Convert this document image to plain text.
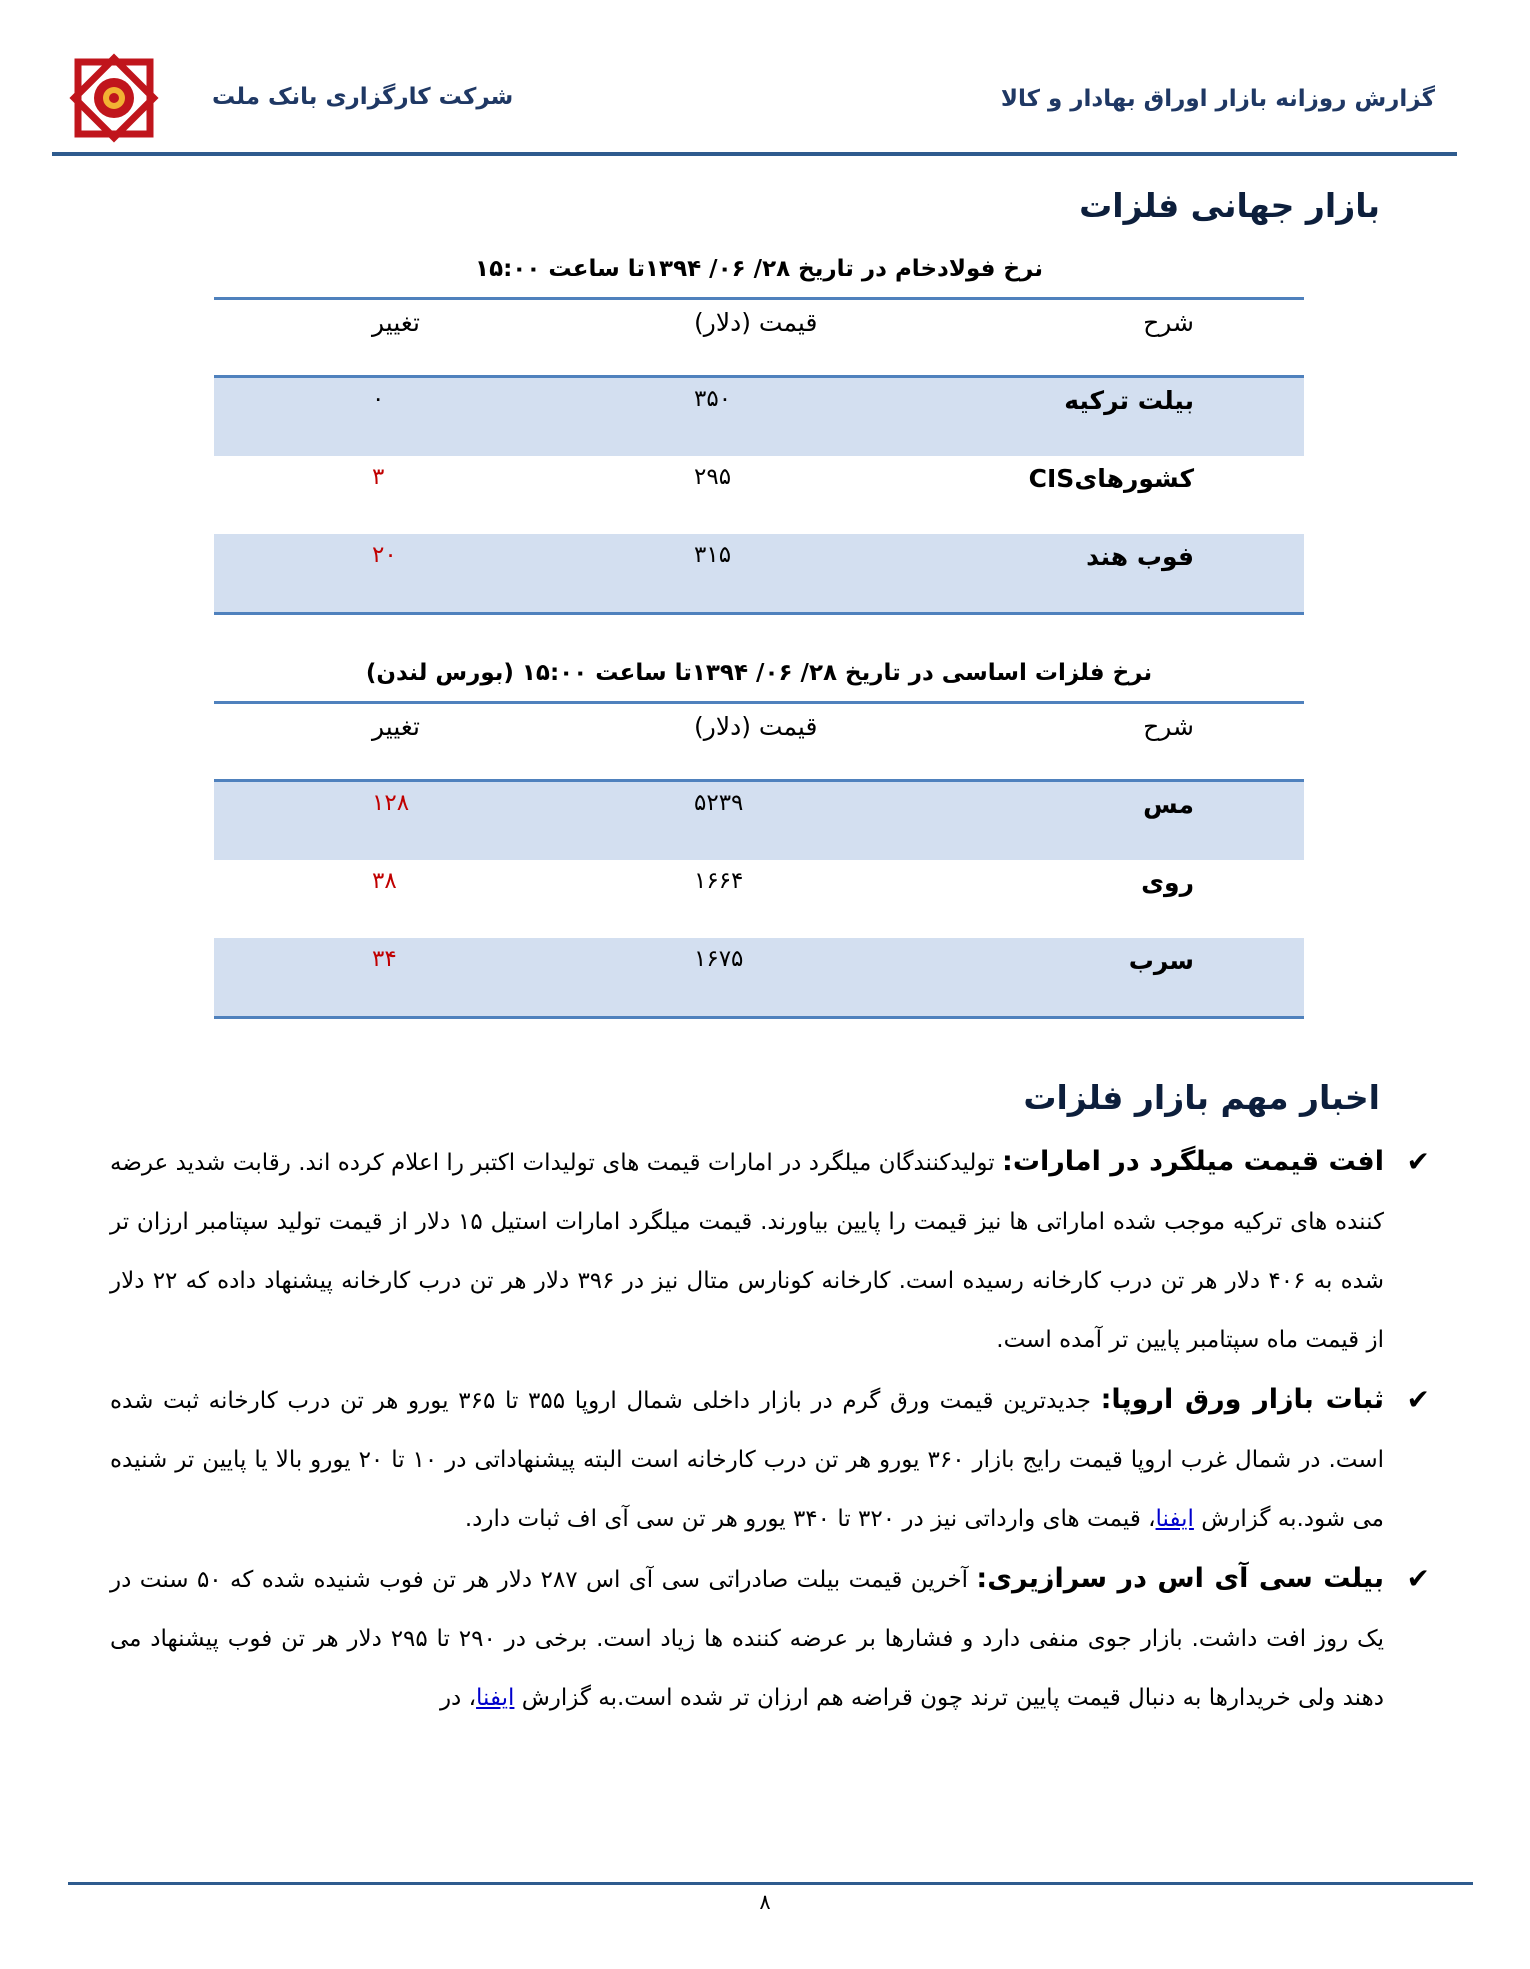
شرکت کارگزاری بانک ملت	گزارش روزانه بازار اوراق بهادار و کالا
بازار جهانی فلزات
نرخ فولادخام در تاریخ ۲۸/ ۰۶/ ۱۳۹۴تا ساعت ۱۵:۰۰
شرح
قیمت (دلار)
تغییر
بیلت ترکیه
۳۵۰
۰
کشورهایCIS
۲۹۵
۳
فوب هند
۳۱۵
۲۰
نرخ فلزات اساسی در تاریخ ۲۸/ ۰۶/ ۱۳۹۴تا ساعت ۱۵:۰۰ (بورس لندن)
شرح
قیمت (دلار)
تغییر
مس
۵۲۳۹
۱۲۸
روی
۱۶۶۴
۳۸
سرب
۱۶۷۵
۳۴
اخبار مهم بازار فلزات
✔
افت قیمت میلگرد در امارات: تولیدکنندگان میلگرد در امارات قیمت های تولیدات اکتبر را اعلام کرده اند. رقابت شدید عرضه کننده های ترکیه موجب شده اماراتی ها نیز قیمت را پایین بیاورند. قیمت میلگرد امارات استیل ۱۵ دلار از قیمت تولید سپتامبر ارزان تر شده به ۴۰۶ دلار هر تن درب کارخانه رسیده است. کارخانه کونارس متال نیز در ۳۹۶ دلار هر تن درب کارخانه پیشنهاد داده که ۲۲ دلار از قیمت ماه سپتامبر پایین تر آمده است.
✔
ثبات بازار ورق اروپا: جدیدترین قیمت ورق گرم در بازار داخلی شمال اروپا ۳۵۵ تا ۳۶۵ یورو هر تن درب کارخانه ثبت شده است. در شمال غرب اروپا قیمت رایج بازار ۳۶۰ یورو هر تن درب کارخانه است البته پیشنهاداتی در ۱۰ تا ۲۰ یورو بالا یا پایین تر شنیده می شود.به گزارش ایفنا، قیمت های وارداتی نیز در ۳۲۰ تا ۳۴۰ یورو هر تن سی آی اف ثبات دارد.
✔
بیلت سی آی اس در سرازیری: آخرین قیمت بیلت صادراتی سی آی اس ۲۸۷ دلار هر تن فوب شنیده شده که ۵۰ سنت در یک روز افت داشت. بازار جوی منفی دارد و فشارها بر عرضه کننده ها زیاد است. برخی در ۲۹۰ تا ۲۹۵ دلار هر تن فوب پیشنهاد می دهند ولی خریدارها به دنبال قیمت پایین ترند چون قراضه هم ارزان تر شده است.به گزارش ایفنا، در
۸
